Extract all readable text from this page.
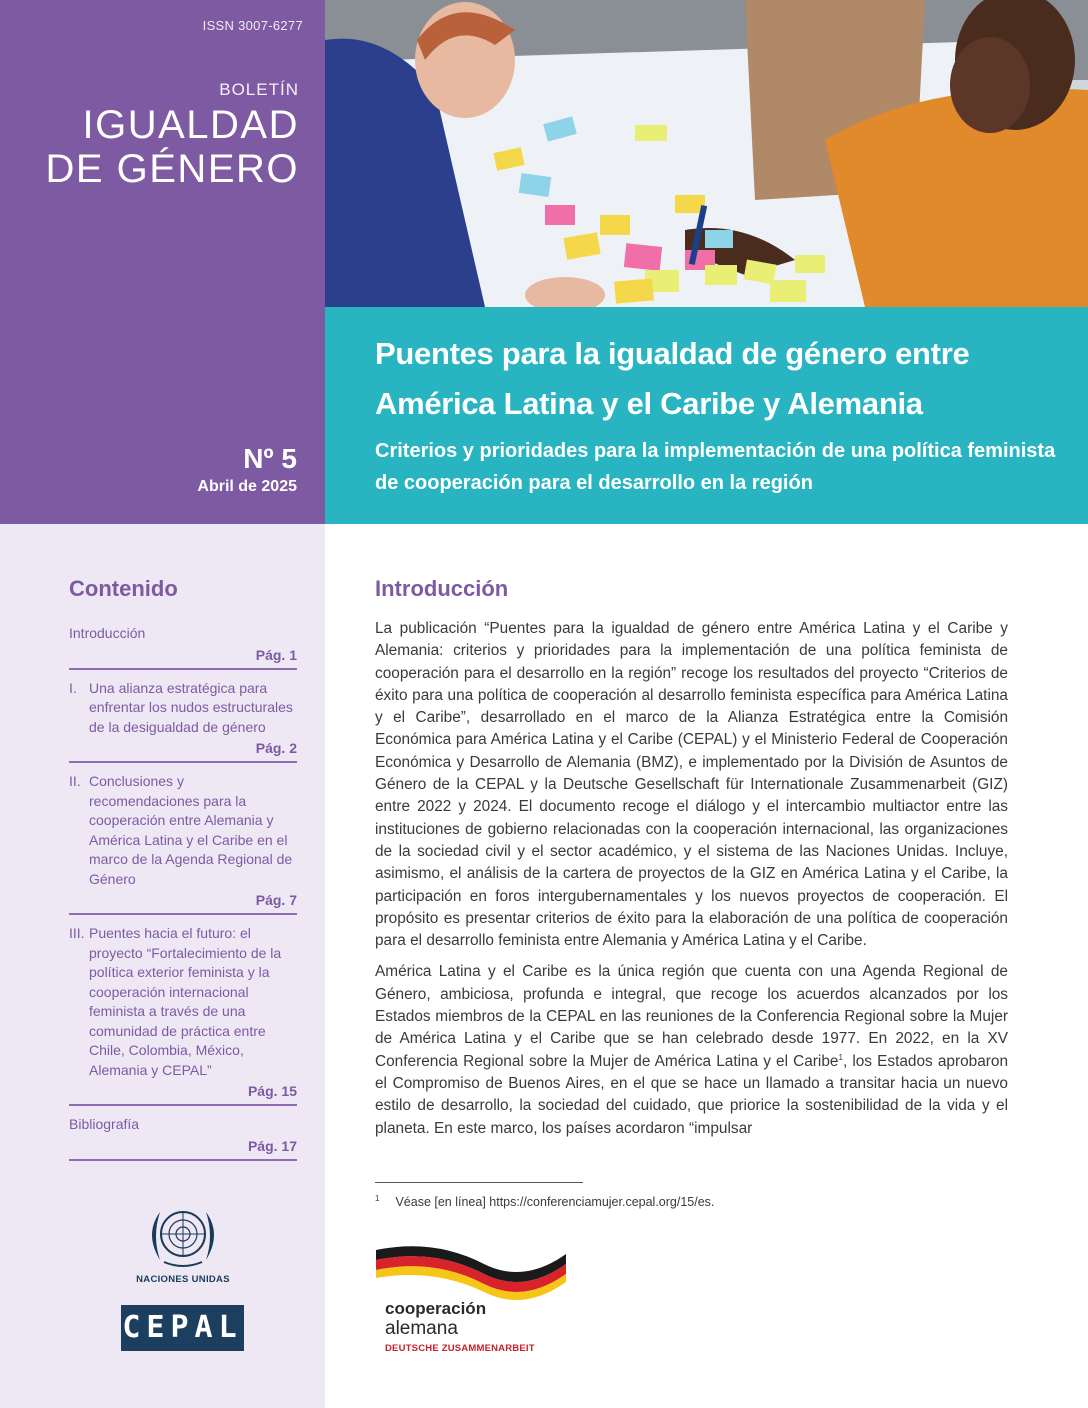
ISSN 3007-6277
BOLETÍN
IGUALDAD
DE GÉNERO
Nº 5
Abril de 2025
Puentes para la igualdad de género entre América Latina y el Caribe y Alemania
Criterios y prioridades para la implementación de una política feminista de cooperación para el desarrollo en la región
Contenido
Introducción
Pág. 1
I. Una alianza estratégica para enfrentar los nudos estructurales de la desigualdad de género
Pág. 2
II. Conclusiones y recomendaciones para la cooperación entre Alemania y América Latina y el Caribe en el marco de la Agenda Regional de Género
Pág. 7
III. Puentes hacia el futuro: el proyecto “Fortalecimiento de la política exterior feminista y la cooperación internacional feminista a través de una comunidad de práctica entre Chile, Colombia, México, Alemania y CEPAL”
Pág. 15
Bibliografía
Pág. 17
NACIONES UNIDAS
CEPAL
Introducción

La publicación “Puentes para la igualdad de género entre América Latina y el Caribe y Alemania: criterios y prioridades para la implementación de una política feminista de cooperación para el desarrollo en la región” recoge los resultados del proyecto “Criterios de éxito para una política de cooperación al desarrollo feminista específica para América Latina y el Caribe”, desarrollado en el marco de la Alianza Estratégica entre la Comisión Económica para América Latina y el Caribe (CEPAL) y el Ministerio Federal de Cooperación Económica y Desarrollo de Alemania (BMZ), e implementado por la División de Asuntos de Género de la CEPAL y la Deutsche Gesellschaft für Internationale Zusammenarbeit (GIZ) entre 2022 y 2024. El documento recoge el diálogo y el intercambio multiactor entre las instituciones de gobierno relacionadas con la cooperación internacional, las organizaciones de la sociedad civil y el sector académico, y el sistema de las Naciones Unidas. Incluye, asimismo, el análisis de la cartera de proyectos de la GIZ en América Latina y el Caribe, la participación en foros intergubernamentales y los nuevos proyectos de cooperación. El propósito es presentar criterios de éxito para la elaboración de una política de cooperación para el desarrollo feminista entre Alemania y América Latina y el Caribe.

América Latina y el Caribe es la única región que cuenta con una Agenda Regional de Género, ambiciosa, profunda e integral, que recoge los acuerdos alcanzados por los Estados miembros de la CEPAL en las reuniones de la Conferencia Regional sobre la Mujer de América Latina y el Caribe que se han celebrado desde 1977. En 2022, en la XV Conferencia Regional sobre la Mujer de América Latina y el Caribe$^1$, los Estados aprobaron el Compromiso de Buenos Aires, en el que se hace un llamado a transitar hacia un nuevo estilo de desarrollo, la sociedad del cuidado, que priorice la sostenibilidad de la vida y el planeta. En este marco, los países acordaron “impulsar

$^1$ Véase [en línea] https://conferenciamujer.cepal.org/15/es.
cooperación
alemana
DEUTSCHE ZUSAMMENARBEIT
